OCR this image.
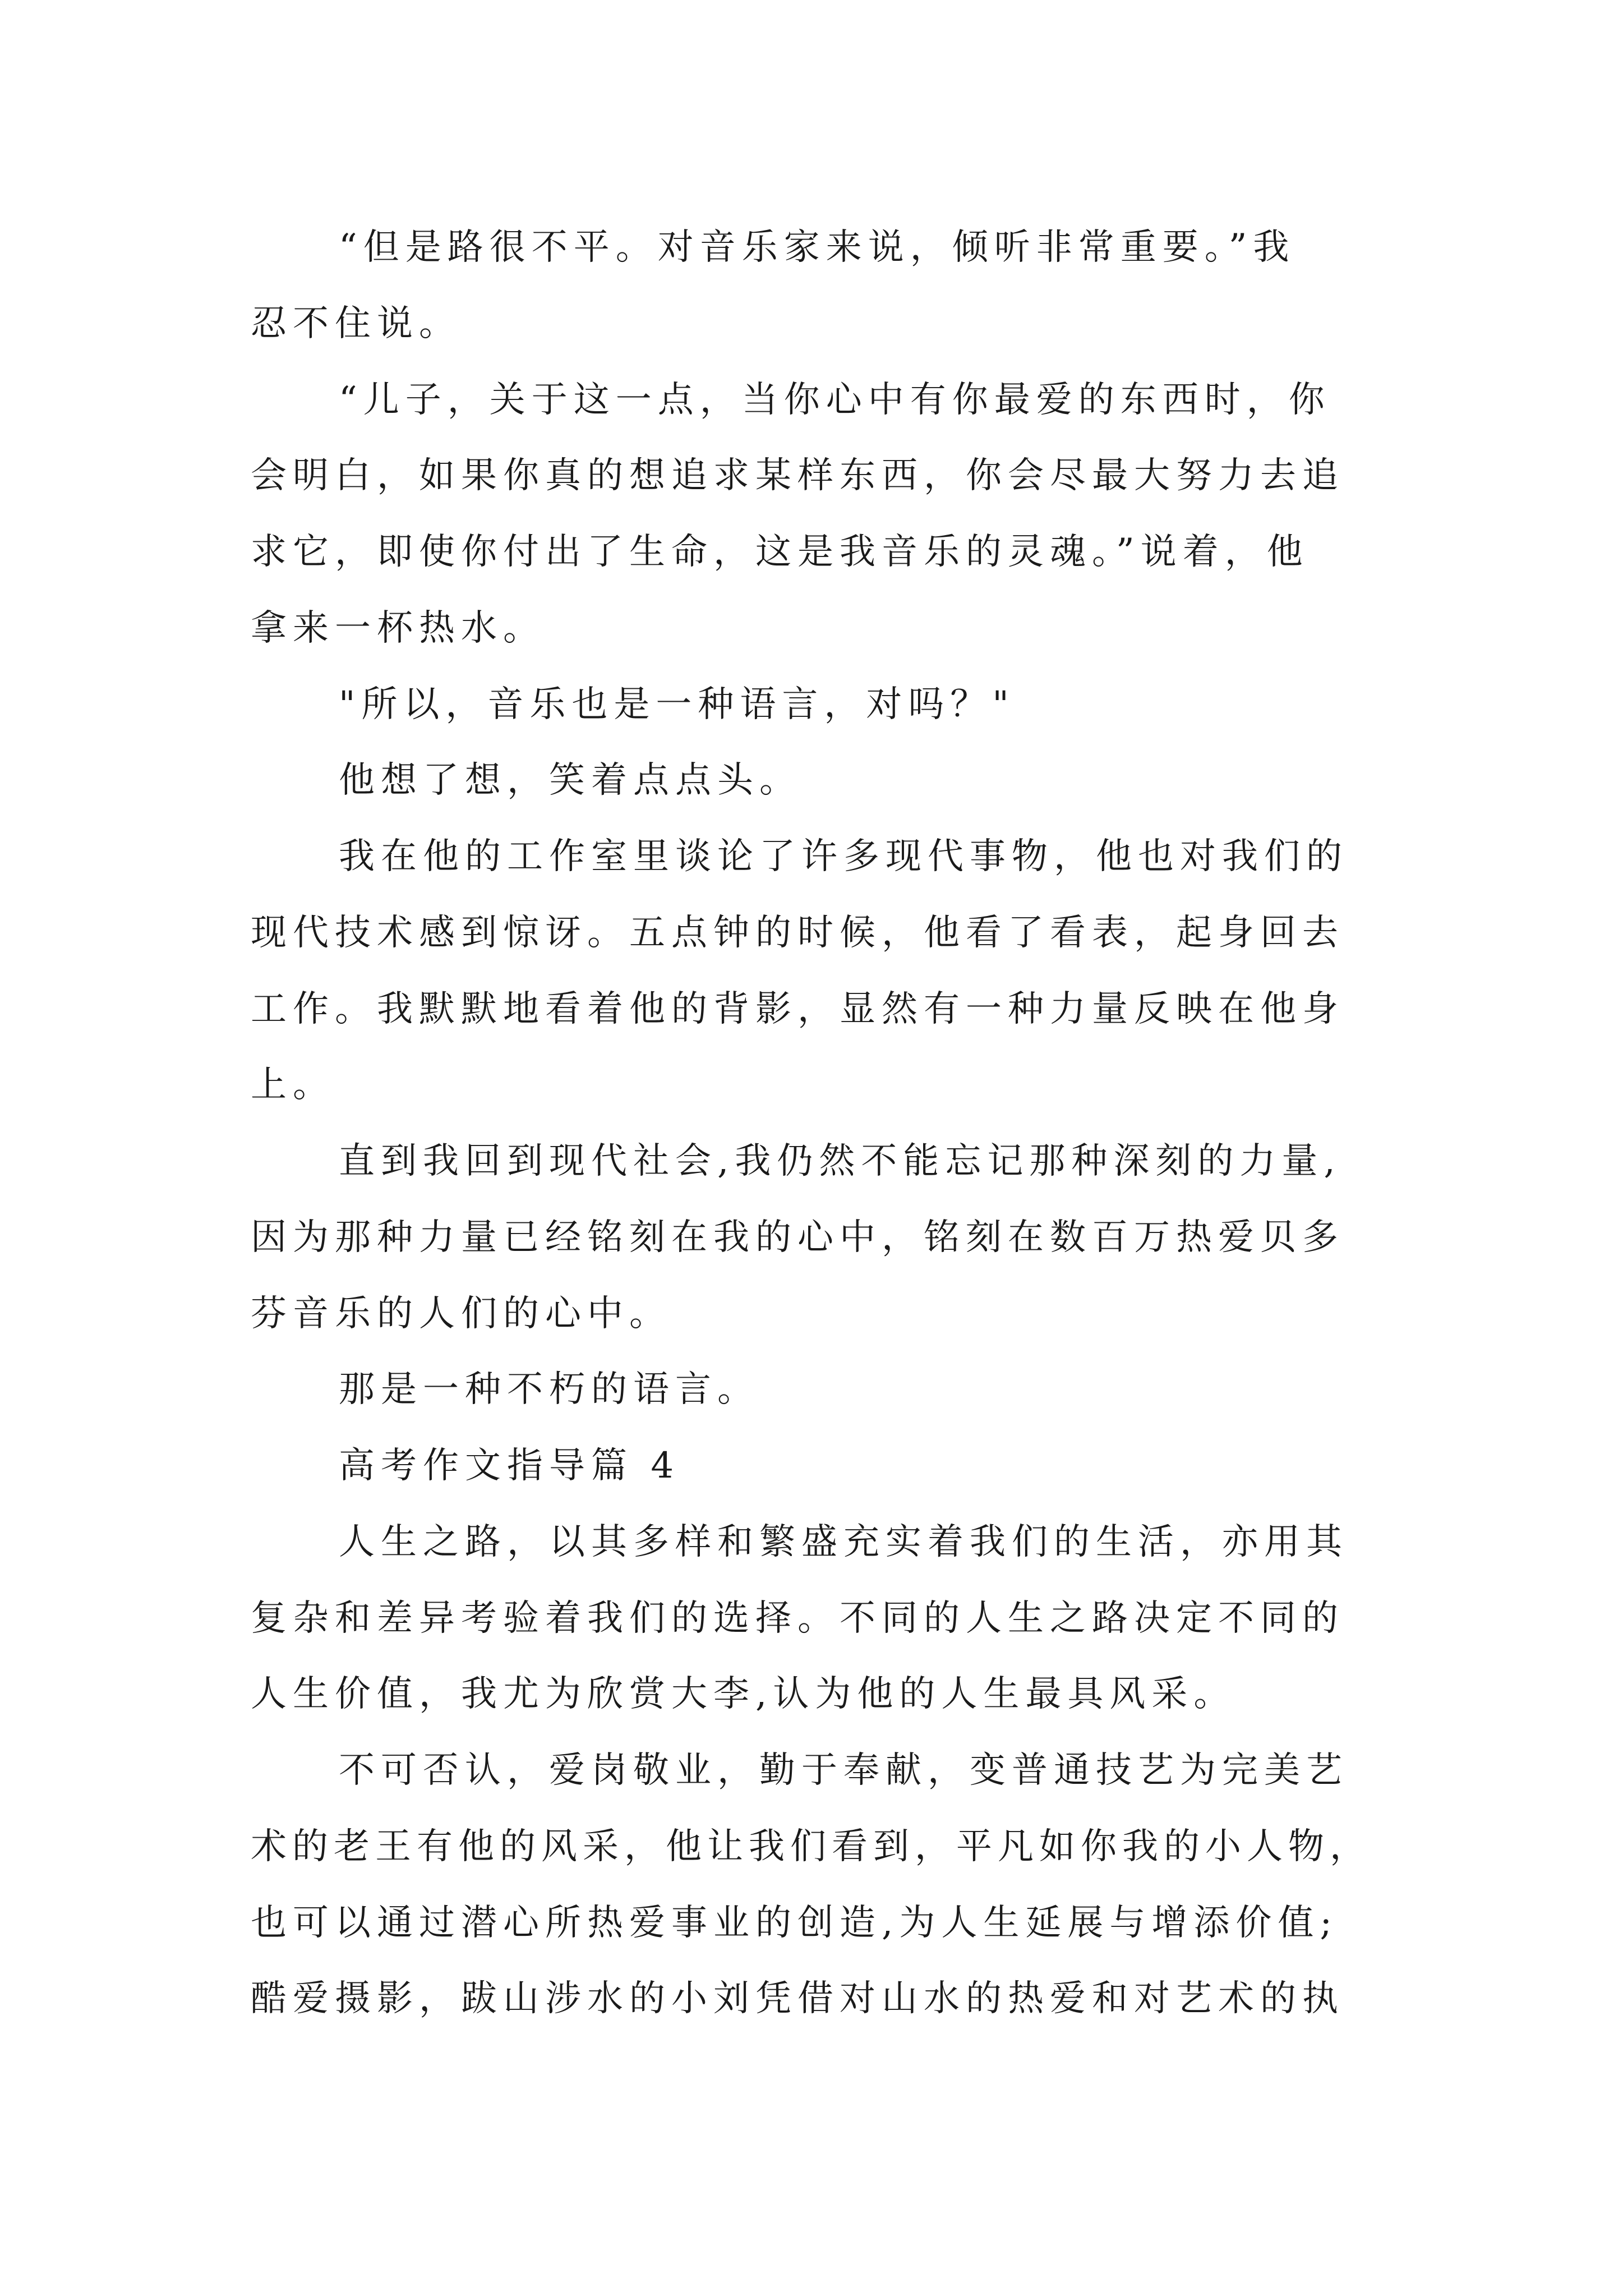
“但是路很不平。对音乐家来说，倾听非常重要。”我

忍不住说。

“儿子，关于这一点，当你心中有你最爱的东西时，你

会明白，如果你真的想追求某样东西，你会尽最大努力去追

求它，即使你付出了生命，这是我音乐的灵魂。”说着，他

拿来一杯热水。

"所以，音乐也是一种语言，对吗？"

他想了想，笑着点点头。

我在他的工作室里谈论了许多现代事物，他也对我们的

现代技术感到惊讶。五点钟的时候，他看了看表，起身回去

工作。我默默地看着他的背影，显然有一种力量反映在他身

上。

直到我回到现代社会,我仍然不能忘记那种深刻的力量,

因为那种力量已经铭刻在我的心中，铭刻在数百万热爱贝多

芬音乐的人们的心中。

那是一种不朽的语言。

高考作文指导篇 4

人生之路，以其多样和繁盛充实着我们的生活，亦用其

复杂和差异考验着我们的选择。不同的人生之路决定不同的

人生价值，我尤为欣赏大李,认为他的人生最具风采。

不可否认，爱岗敬业，勤于奉献，变普通技艺为完美艺

术的老王有他的风采，他让我们看到，平凡如你我的小人物，

也可以通过潜心所热爱事业的创造,为人生延展与增添价值;

酷爱摄影，跋山涉水的小刘凭借对山水的热爱和对艺术的执
